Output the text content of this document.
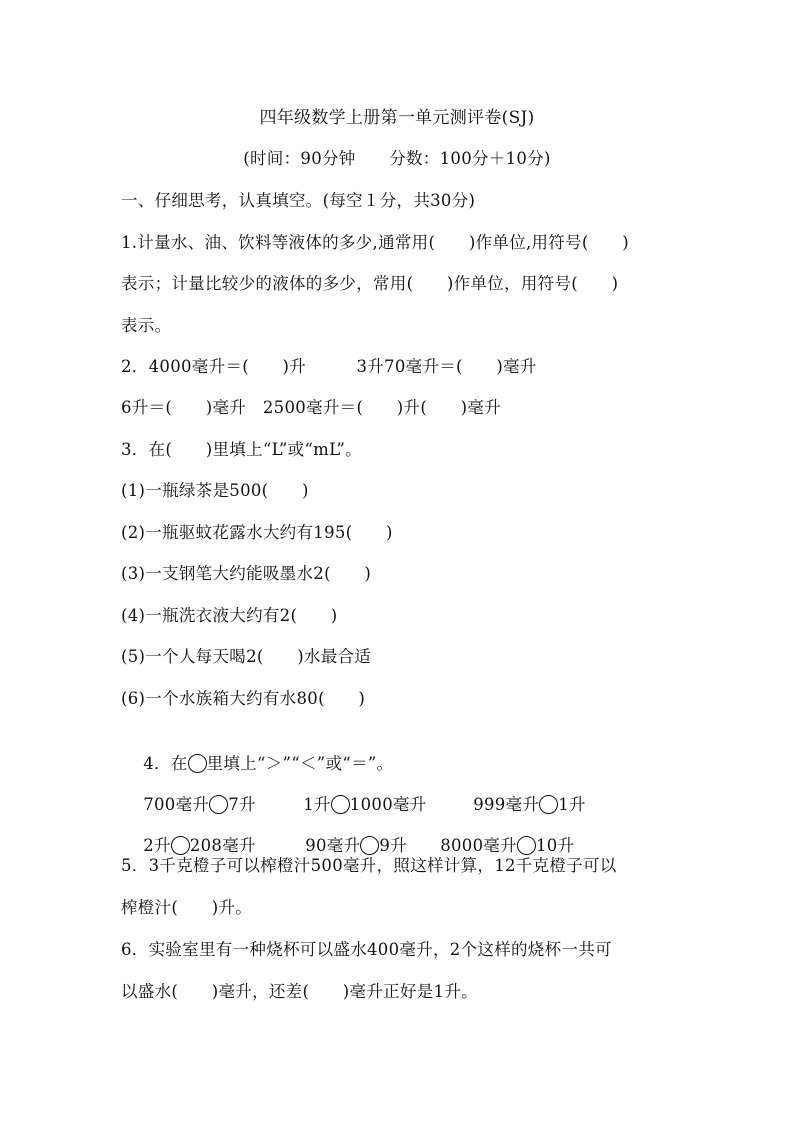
四年级数学上册第一单元测评卷(SJ)
(时间：90分钟　　分数：100分＋10分)
一、仔细思考，认真填空。(每空１分，共30分)
1.计量水、油、饮料等液体的多少,通常用(　　)作单位,用符号(　　)
表示；计量比较少的液体的多少，常用(　　)作单位，用符号(　　)
表示。
2．4000毫升＝(　　)升　　　3升70毫升＝(　　)毫升
6升＝(　　)毫升　2500毫升＝(　　)升(　　)毫升
3．在(　　)里填上“L”或“mL”。
(1)一瓶绿茶是500(　　)
(2)一瓶驱蚊花露水大约有195(　　)
(3)一支钢笔大约能吸墨水2(　　)
(4)一瓶洗衣液大约有2(　　)
(5)一个人每天喝2(　　)水最合适
(6)一个水族箱大约有水80(　　)

4．在 里填上“＞”“＜”或“＝”。

700毫升 7升	1升 1000毫升	999毫升 1升

2升 208毫升	90毫升 9升 8000毫升 10升

5．3千克橙子可以榨橙汁500毫升，照这样计算，12千克橙子可以
榨橙汁(　　)升。
6．实验室里有一种烧杯可以盛水400毫升，2个这样的烧杯一共可
以盛水(　　)毫升，还差(　　)毫升正好是1升。
